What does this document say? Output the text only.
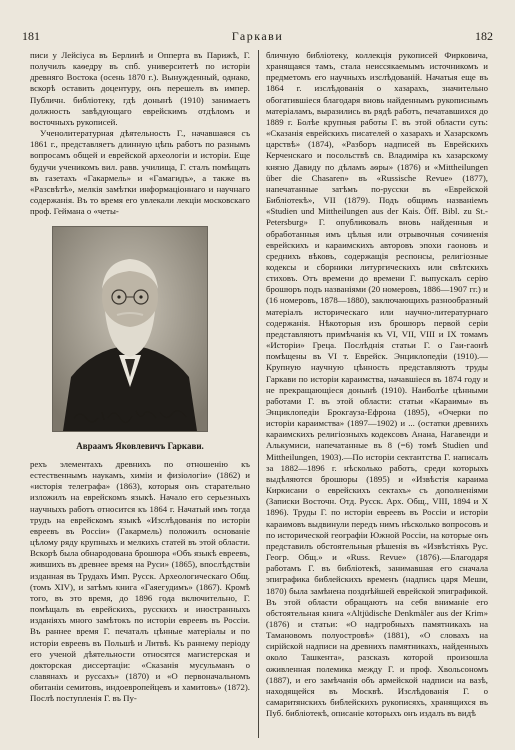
181	Гаркави	182

писи у Лейсіуса въ Берлинѣ и Опперта въ Парижѣ, Г. получилъ каѳедру въ спб. университетѣ по исторіи древняго Востока (осень 1870 г.). Вынужденный, однако, вскорѣ оставить доцентуру, онъ перешелъ въ импер. Публичн. библіотеку, гдѣ донынѣ (1910) занимаетъ должность завѣдующаго еврейскимъ отдѣломъ и восточныхъ рукописей.

Ученолитературная дѣятельность Г., начавшаяся съ 1861 г., представляетъ длинную цѣпь работъ по разнымъ вопросамъ общей и еврейской археологіи и исторіи. Еще будучи ученикомъ вил. равв. училища, Г. сталъ помѣщать въ газетахъ «Гакармель» и «Гамагидъ», а также въ «Разсвѣтѣ», мелкія замѣтки информаціоннаго и научнаго содержанія. Въ то время его увлекали лекціи московскаго проф. Геймана о «четы-

Авраамъ Яковлевичъ Гаркави.

рехъ элементахъ древнихъ по отношенію къ естественнымъ наукамъ, химіи и физіологіи» (1862) и «исторія телеграфа» (1863), которыя онъ старательно изложилъ на еврейскомъ языкѣ. Начало его серьезныхъ научныхъ работъ относится къ 1864 г. Начатый имъ тогда трудъ на еврейскомъ языкѣ «Изслѣдованія по исторіи евреевъ въ Россіи» (Гакармель) положилъ основаніе цѣлому ряду крупныхъ и мелкихъ статей въ этой области. Вскорѣ была обнародована брошюра «Объ языкѣ евреевъ, жившихъ въ древнее время на Руси» (1865), впослѣдствіи изданная въ Трудахъ Имп. Русск. Археологическаго Общ. (томъ XIV), и затѣмъ книга «Гаяегудимъ» (1867). Кромѣ того, въ это время, до 1896 года включительно, Г. помѣщалъ въ еврейскихъ, русскихъ и иностранныхъ изданіяхъ много замѣтокъ по исторіи евреевъ въ Россіи. Въ раннее время Г. печаталъ цѣнные матеріалы и по исторіи евреевъ въ Польшѣ и Литвѣ. Къ раннему періоду его ученой дѣятельности относятся магистерская и докторская диссертаціи: «Сказанія мусульманъ о славянахъ и руссахъ» (1870) и «О первоначальномъ обитаніи семитовъ, индоевропейцевъ и хамитовъ» (1872). Послѣ поступленія Г. въ Пу-

бличную библіотеку, коллекція рукописей Фирковича, хранящаяся тамъ, стала неиссякаемымъ источникомъ и предметомъ его научныхъ изслѣдованій. Начатыя еще въ 1864 г. изслѣдованія о хазарахъ, значительно обогатившіеся благодаря вновь найденнымъ рукописнымъ матеріаламъ, выразились въ рядѣ работъ, печатавшихся до 1889 г. Болѣе крупныя работы Г. въ этой области суть: «Сказанія еврейскихъ писателей о хазарахъ и Хазарскомъ царствѣ» (1874), «Разборъ надписей въ Еврейскихъ Керченскаго и посольствѣ св. Владиміра къ хазарскому князю Давиду по дѣламъ аѳры» (1876) и «Mittheilungen über die Chasaren» въ «Russische Revue» (1877), напечатанные затѣмъ по-русски въ «Еврейской Библіотекѣ», VII (1879). Подъ общимъ названіемъ «Studien und Mittheilungen aus der Kais. Öff. Bibl. zu St.-Petersburg» Г. опубликовалъ вновь найденныя и обработанныя имъ цѣлыя или отрывочныя сочиненія еврейскихъ и караимскихъ авторовъ эпохи гаоновъ и среднихъ вѣковъ, содержащія респонсы, религіозные кодексы и сборники литургическихъ или свѣтскихъ стиховъ. Отъ времени до времени Г. выпускалъ серію брошюръ подъ названіями (20 номеровъ, 1886—1907 гг.) и (16 номеровъ, 1878—1880), заключающихъ разнообразный матеріалъ историческаго или научно-литературнаго содержанія. Нѣкоторыя изъ брошюръ первой серіи представляютъ примѣчанія къ VI, VII, VIII и IX томамъ «Исторіи» Греца. Послѣднія статьи Г. о Гаи-гаонѣ помѣщены въ VI т. Еврейск. Энциклопедіи (1910).—Крупную научную цѣнность представляютъ труды Гаркави по исторіи караимства, начавшіеся въ 1874 году и не прекращающіеся донынѣ (1910). Наиболѣе цѣнными работами Г. въ этой области: статьи «Караимы» въ Энциклопедіи Брокгауза-Ефрона (1895), «Очерки по исторіи караимства» (1897—1902) и ... (остатки древнихъ караимскихъ религіозныхъ кодексовъ Анана, Нагавенди и Алькумиси, напечатанные въ 8 (=6) томѣ Studien und Mittheilungen, 1903).—По исторіи сектантства Г. написалъ за 1882—1896 г. нѣсколько работъ, среди которыхъ выдѣляются брошюры (1895) и «Извѣстія караима Киркисани о еврейскихъ сектахъ» съ дополненіями (Записки Восточн. Отд. Русск. Арх. Общ., VIII, 1894 и X 1896). Труды Г. по исторіи евреевъ въ Россіи и исторіи караимовъ выдвинули передъ нимъ нѣсколько вопросовъ и по исторической географіи Южной Россіи, на которые онъ представилъ обстоятельныя рѣшенія въ «Извѣстіяхъ Рус. Геогр. Общ.» и «Russ. Revue» (1876).—Благодаря работамъ Г. въ библіотекѣ, занимавшая его сначала эпиграфика библейскихъ временъ (надпись царя Меши, 1870) была замѣнена позднѣйшей еврейской эпиграфикой. Въ этой области обращаютъ на себя вниманіе его обстоятельная книга «Altjüdische Denkmäler aus der Krim» (1876) и статьи: «О надгробныхъ памятникахъ на Тамановомъ полуостровѣ» (1881), «О словахъ на сирійской надписи на древнихъ памятникахъ, найденныхъ около Ташкента», разсказъ которой произошла оживленная полемика между Г. и проф. Хвольсономъ (1887), и его замѣчанія объ армейской надписи на вазѣ, находящейся въ Москвѣ. Изслѣдованія Г. о самаритянскихъ библейскихъ рукописяхъ, хранящихся въ Пуб. библіотекѣ, описаніе которыхъ онъ издалъ въ видѣ
